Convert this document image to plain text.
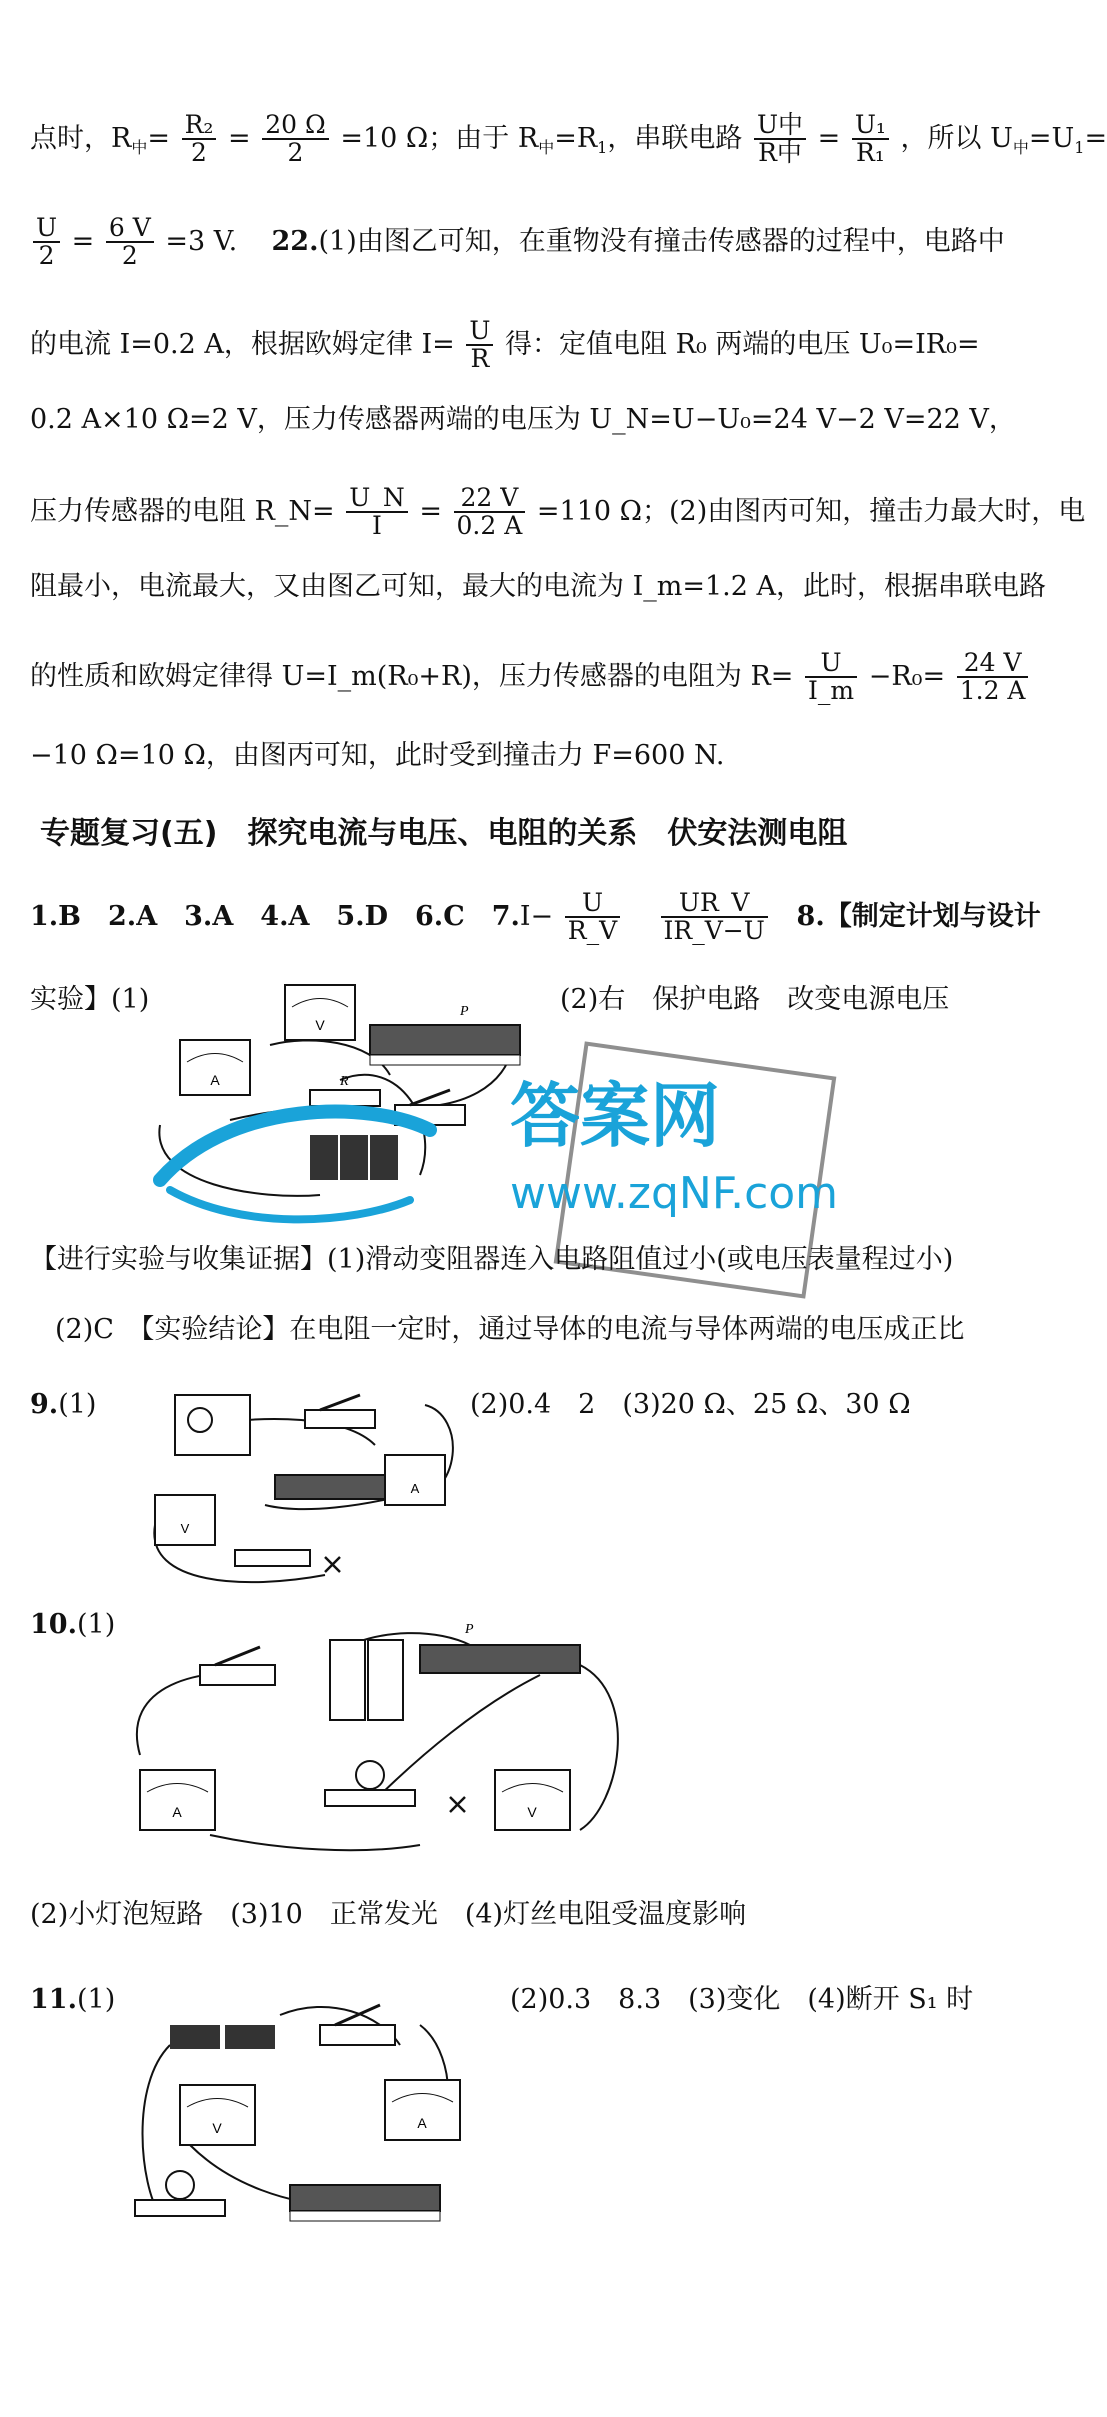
点时，$R_中= \frac{\text{R₂}}{2} = \frac{20 \Omega}{2} =10$ Ω；由于 $R_中=R_1$，串联电路 $\frac{\text{U中}}{\text{R中}} = \frac{\text{U₁}}{\text{R₁}}$ ，所以 $U_中=U_1=$
$\frac{U}{2} = \frac{6 V}{2} =3$ V. 22.(1)由图乙可知，在重物没有撞击传感器的过程中，电路中
的电流 I=0.2 A，根据欧姆定律 $I= \frac{U}{R}$ 得：定值电阻 R₀ 两端的电压 U₀=IR₀=
0.2 A×10 Ω=2 V，压力传感器两端的电压为 U_N=U−U₀=24 V−2 V=22 V，
压力传感器的电阻 R_N= $\frac{U\_N}{I} = \frac{22 V}{0.2 A} =110$ Ω；(2)由图丙可知，撞击力最大时，电
阻最小，电流最大，又由图乙可知，最大的电流为 I_m=1.2 A，此时，根据串联电路
的性质和欧姆定律得 U=I_m(R₀+R)，压力传感器的电阻为 $R= \frac{U}{I\_m} -R_0= \frac{24 V}{1.2 A}$
−10 Ω=10 Ω，由图丙可知，此时受到撞击力 F=600 N.
专题复习(五)　探究电流与电压、电阻的关系　伏安法测电阻
1.B　2.A　3.A　4.A　5.D　6.C　$7.I- \frac{U}{R\_V}$
$\frac{UR\_V}{IR\_V-U} 8$.【制定计划与设计
实验】(1)	(2)右　保护电路　改变电源电压
V
A
P
R 答案网
www.zqNF.com
【进行实验与收集证据】(1)滑动变阻器连入电路阻值过小(或电压表量程过小)
(2)C　【实验结论】在电阻一定时，通过导体的电流与导体两端的电压成正比
9.(1)	(2)0.4　2　(3)20 Ω、25 Ω、30 Ω
V
A
10.(1)	P
A	V
(2)小灯泡短路　(3)10　正常发光　(4)灯丝电阻受温度影响
11.(1)	(2)0.3　8.3　(3)变化　(4)断开 S₁ 时
V	A
